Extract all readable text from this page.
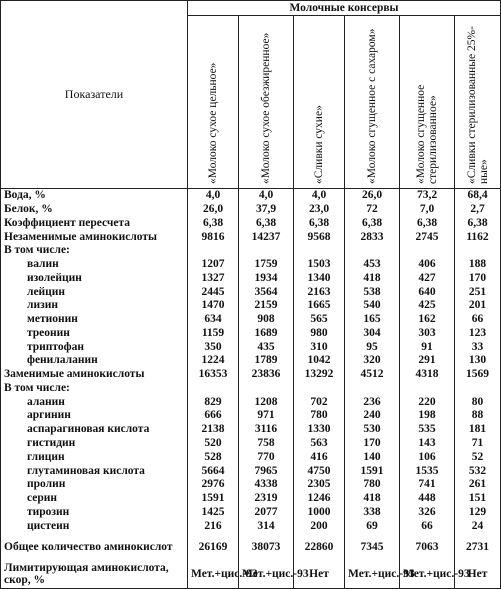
Показатели	Молочные консервы					

	«Молоко сухое цельное»	«Молоко сухое обезжиренное»	«Сливки сухие»	«Молоко сгущенное с сахаром»	«Молоко сгущенное стерилизованное»	«Сливки стерилизованные 25%-ные»

Вода, %	4,0	4,0	4,0	26,0	73,2	68,4
Белок, %	26,0	37,9	23,0	72	7,0	2,7
Коэффициент пересчета	6,38	6,38	6,38	6,38	6,38	6,38
Незаменимые аминокислоты	9816	14237	9568	2833	2745	1162
В том числе:						
валин	1207	1759	1503	453	406	188
изолейцин	1327	1934	1340	418	427	170
лейцин	2445	3564	2163	538	640	251
лизин	1470	2159	1665	540	425	201
метионин	634	908	565	165	162	66
треонин	1159	1689	980	304	303	123
триптофан	350	435	310	95	91	33
фенилаланин	1224	1789	1042	320	291	130
Заменимые аминокислоты	16353	23836	13292	4512	4318	1569
В том числе:						
аланин	829	1208	702	236	220	80
аргинин	666	971	780	240	198	88
аспарагиновая кислота	2138	3116	1330	530	535	181
гистидин	520	758	563	170	143	71
глицин	528	770	416	140	106	52
глутаминовая кислота	5664	7965	4750	1591	1535	532
пролин	2976	4338	2305	780	741	261
серин	1591	2319	1246	418	448	151
тирозин	1425	2077	1000	338	326	129
цистеин	216	314	200	69	66	24
Общее количество аминокислот	26169	38073	22860	7345	7063	2731
Лимитирующая аминокислота, скор, %	Мет.+цис.-93	Мет.+цис.-93	Нет	Мет.+цис.-93	Мет.+цис.-93	Нет
